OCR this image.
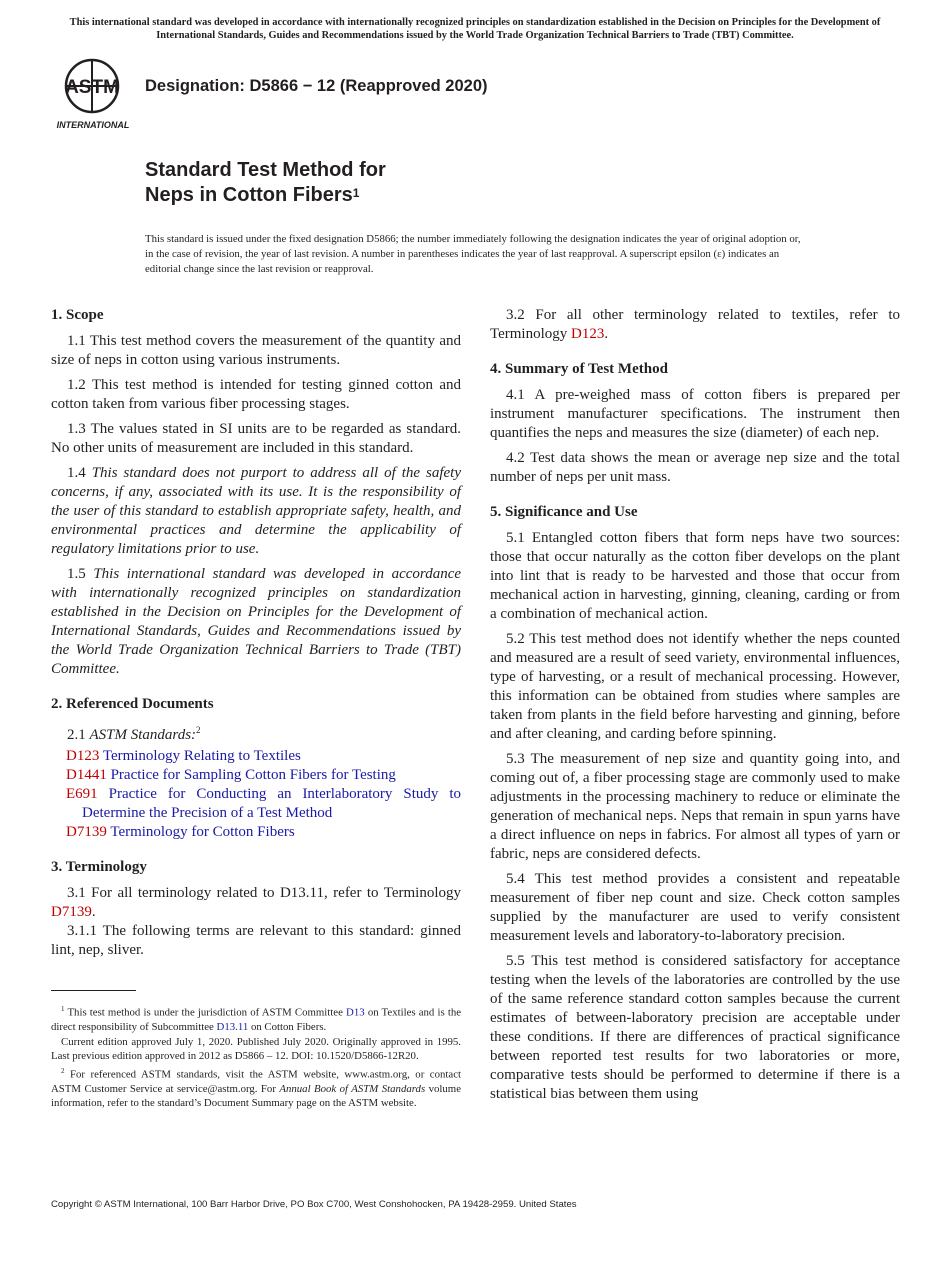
This international standard was developed in accordance with internationally recognized principles on standardization established in the Decision on Principles for the Development of International Standards, Guides and Recommendations issued by the World Trade Organization Technical Barriers to Trade (TBT) Committee.
ASTM
INTERNATIONAL
Designation: D5866 − 12 (Reapproved 2020)
Standard Test Method for
Neps in Cotton Fibers$^1$
This standard is issued under the fixed designation D5866; the number immediately following the designation indicates the year of original adoption or, in the case of revision, the year of last revision. A number in parentheses indicates the year of last reapproval. A superscript epsilon (ε) indicates an editorial change since the last revision or reapproval.
1. Scope

1.1 This test method covers the measurement of the quantity and size of neps in cotton using various instruments.

1.2 This test method is intended for testing ginned cotton and cotton taken from various fiber processing stages.

1.3 The values stated in SI units are to be regarded as standard. No other units of measurement are included in this standard.

1.4 This standard does not purport to address all of the safety concerns, if any, associated with its use. It is the responsibility of the user of this standard to establish appropriate safety, health, and environmental practices and determine the applicability of regulatory limitations prior to use.

1.5 This international standard was developed in accordance with internationally recognized principles on standardization established in the Decision on Principles for the Development of International Standards, Guides and Recommendations issued by the World Trade Organization Technical Barriers to Trade (TBT) Committee.

2. Referenced Documents

2.1 ASTM Standards:$^2$

D123 Terminology Relating to Textiles
D1441 Practice for Sampling Cotton Fibers for Testing
E691 Practice for Conducting an Interlaboratory Study to Determine the Precision of a Test Method
D7139 Terminology for Cotton Fibers
3. Terminology

3.1 For all terminology related to D13.11, refer to Terminology D7139.

3.1.1 The following terms are relevant to this standard: ginned lint, nep, sliver.

3.2 For all other terminology related to textiles, refer to Terminology D123.

4. Summary of Test Method

4.1 A pre-weighed mass of cotton fibers is prepared per instrument manufacturer specifications. The instrument then quantifies the neps and measures the size (diameter) of each nep.

4.2 Test data shows the mean or average nep size and the total number of neps per unit mass.

5. Significance and Use

5.1 Entangled cotton fibers that form neps have two sources: those that occur naturally as the cotton fiber develops on the plant into lint that is ready to be harvested and those that occur from mechanical action in harvesting, ginning, cleaning, carding or from a combination of mechanical action.

5.2 This test method does not identify whether the neps counted and measured are a result of seed variety, environmental influences, type of harvesting, or a result of mechanical processing. However, this information can be obtained from studies where samples are taken from plants in the field before harvesting and ginning, before and after cleaning, and carding before spinning.

5.3 The measurement of nep size and quantity going into, and coming out of, a fiber processing stage are commonly used to make adjustments in the processing machinery to reduce or eliminate the generation of mechanical neps. Neps that remain in spun yarns have a direct influence on neps in fabrics. For almost all types of yarn or fabric, neps are considered defects.

5.4 This test method provides a consistent and repeatable measurement of fiber nep count and size. Check cotton samples supplied by the manufacturer are used to verify consistent measurement levels and laboratory-to-laboratory precision.

5.5 This test method is considered satisfactory for acceptance testing when the levels of the laboratories are controlled by the use of the same reference standard cotton samples because the current estimates of between-laboratory precision are acceptable under these conditions. If there are differences of practical significance between reported test results for two laboratories or more, comparative tests should be performed to determine if there is a statistical bias between them using

$^1$ This test method is under the jurisdiction of ASTM Committee D13 on Textiles and is the direct responsibility of Subcommittee D13.11 on Cotton Fibers.

Current edition approved July 1, 2020. Published July 2020. Originally approved in 1995. Last previous edition approved in 2012 as D5866 – 12. DOI: 10.1520/D5866-12R20.

$^2$ For referenced ASTM standards, visit the ASTM website, www.astm.org, or contact ASTM Customer Service at service@astm.org. For Annual Book of ASTM Standards volume information, refer to the standard’s Document Summary page on the ASTM website.

Copyright © ASTM International, 100 Barr Harbor Drive, PO Box C700, West Conshohocken, PA 19428-2959. United States
